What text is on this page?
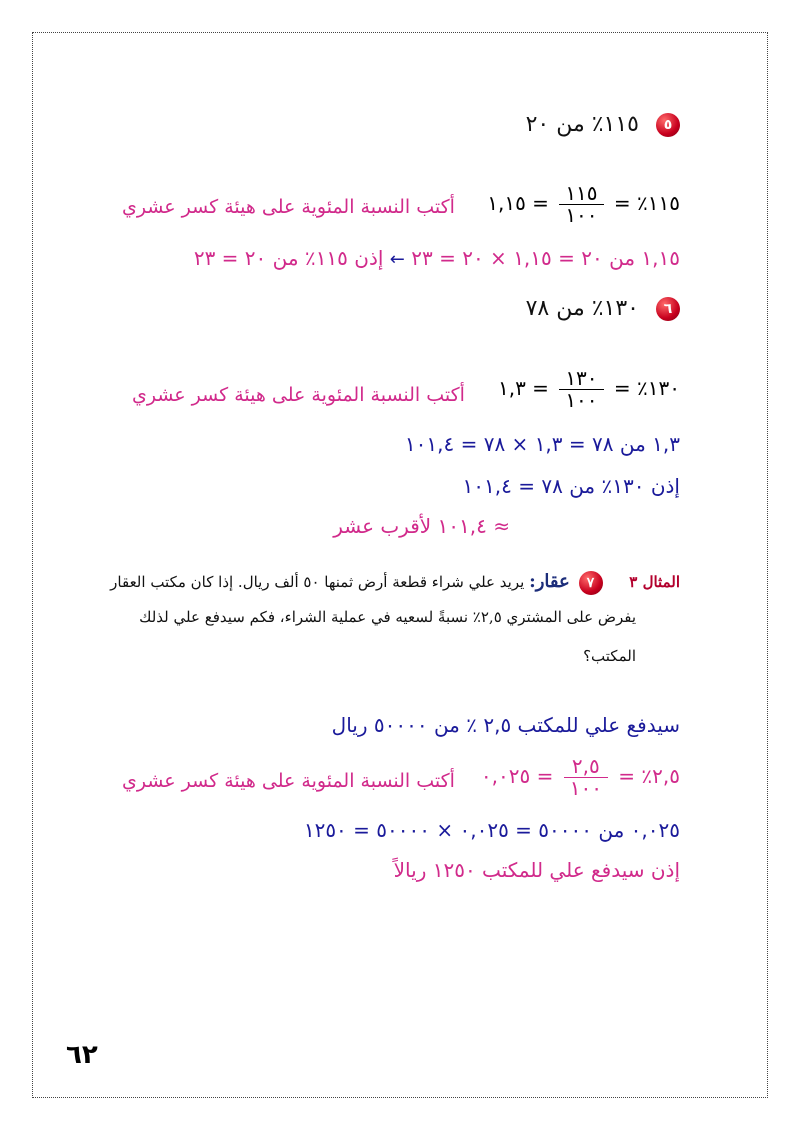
٥ ١١٥٪ من ٢٠
١١٥٪ =
$\frac{١١٥}{١٠٠}$
= ١,١٥
أكتب النسبة المئوية على هيئة كسر عشري
١,١٥ من ٢٠ = ١,١٥ × ٢٠ = ٢٣ ← إذن ١١٥٪ من ٢٠ = ٢٣
٦ ١٣٠٪ من ٧٨
١٣٠٪ =
$\frac{١٣٠}{١٠٠}$
= ١,٣
أكتب النسبة المئوية على هيئة كسر عشري
١,٣ من ٧٨ = ١,٣ × ٧٨ = ١٠١,٤
إذن ١٣٠٪ من ٧٨ = ١٠١,٤
≈ ١٠١,٤ لأقرب عشر
المثال ٣ ٧ عقار: يريد علي شراء قطعة أرض ثمنها ٥٠ ألف ريال. إذا كان مكتب العقار
يفرض على المشتري ٢,٥٪ نسبةً لسعيه في عملية الشراء، فكم سيدفع علي لذلك
المكتب؟
سيدفع علي للمكتب ٢,٥ ٪ من ٥٠٠٠٠ ريال
٢,٥٪ =
$\frac{٢,٥}{١٠٠}$
= ٠,٠٢٥
أكتب النسبة المئوية على هيئة كسر عشري
٠,٠٢٥ من ٥٠٠٠٠ = ٠,٠٢٥ × ٥٠٠٠٠ = ١٢٥٠
إذن سيدفع علي للمكتب ١٢٥٠ ريالاً
٦٢
